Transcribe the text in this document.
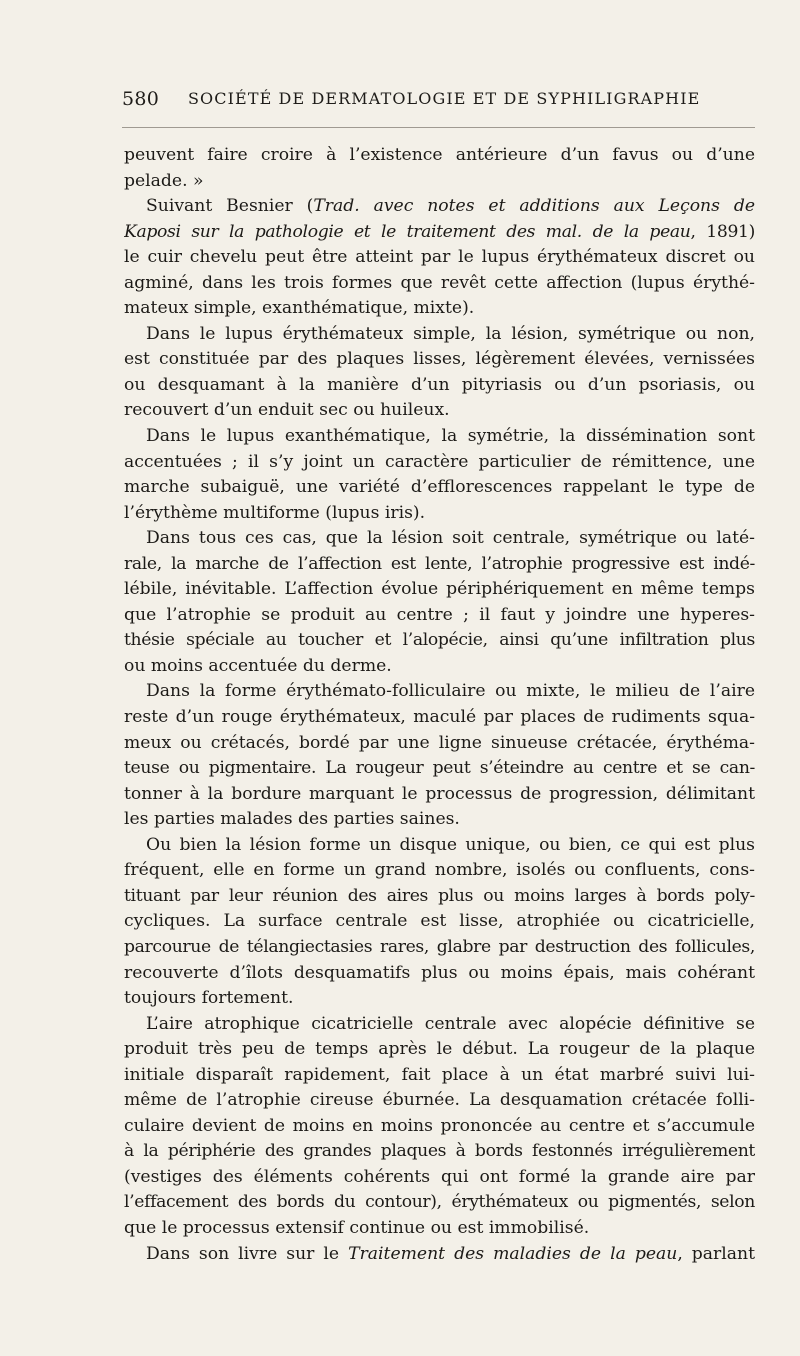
580 SOCIÉTÉ DE DERMATOLOGIE ET DE SYPHILIGRAPHIE
peuvent faire croire à l’existence antérieure d’un favus ou d’une
pelade. »
Suivant Besnier (Trad. avec notes et additions aux Leçons de
Kaposi sur la pathologie et le traitement des mal. de la peau, 1891)
le cuir chevelu peut être atteint par le lupus érythémateux discret ou
agminé, dans les trois formes que revêt cette affection (lupus érythé-
mateux simple, exanthématique, mixte).
Dans le lupus érythémateux simple, la lésion, symétrique ou non,
est constituée par des plaques lisses, légèrement élevées, vernissées
ou desquamant à la manière d’un pityriasis ou d’un psoriasis, ou
recouvert d’un enduit sec ou huileux.
Dans le lupus exanthématique, la symétrie, la dissémination sont
accentuées ; il s’y joint un caractère particulier de rémittence, une
marche subaiguë, une variété d’efflorescences rappelant le type de
l’érythème multiforme (lupus iris).
Dans tous ces cas, que la lésion soit centrale, symétrique ou laté-
rale, la marche de l’affection est lente, l’atrophie progressive est indé-
lébile, inévitable. L’affection évolue périphériquement en même temps
que l’atrophie se produit au centre ; il faut y joindre une hyperes-
thésie spéciale au toucher et l’alopécie, ainsi qu’une infiltration plus
ou moins accentuée du derme.
Dans la forme érythémato-folliculaire ou mixte, le milieu de l’aire
reste d’un rouge érythémateux, maculé par places de rudiments squa-
meux ou crétacés, bordé par une ligne sinueuse crétacée, érythéma-
teuse ou pigmentaire. La rougeur peut s’éteindre au centre et se can-
tonner à la bordure marquant le processus de progression, délimitant
les parties malades des parties saines.
Ou bien la lésion forme un disque unique, ou bien, ce qui est plus
fréquent, elle en forme un grand nombre, isolés ou confluents, cons-
tituant par leur réunion des aires plus ou moins larges à bords poly-
cycliques. La surface centrale est lisse, atrophiée ou cicatricielle,
parcourue de télangiectasies rares, glabre par destruction des follicules,
recouverte d’îlots desquamatifs plus ou moins épais, mais cohérant
toujours fortement.
L’aire atrophique cicatricielle centrale avec alopécie définitive se
produit très peu de temps après le début. La rougeur de la plaque
initiale disparaît rapidement, fait place à un état marbré suivi lui-
même de l’atrophie cireuse éburnée. La desquamation crétacée folli-
culaire devient de moins en moins prononcée au centre et s’accumule
à la périphérie des grandes plaques à bords festonnés irrégulièrement
(vestiges des éléments cohérents qui ont formé la grande aire par
l’effacement des bords du contour), érythémateux ou pigmentés, selon
que le processus extensif continue ou est immobilisé.
Dans son livre sur le Traitement des maladies de la peau, parlant
